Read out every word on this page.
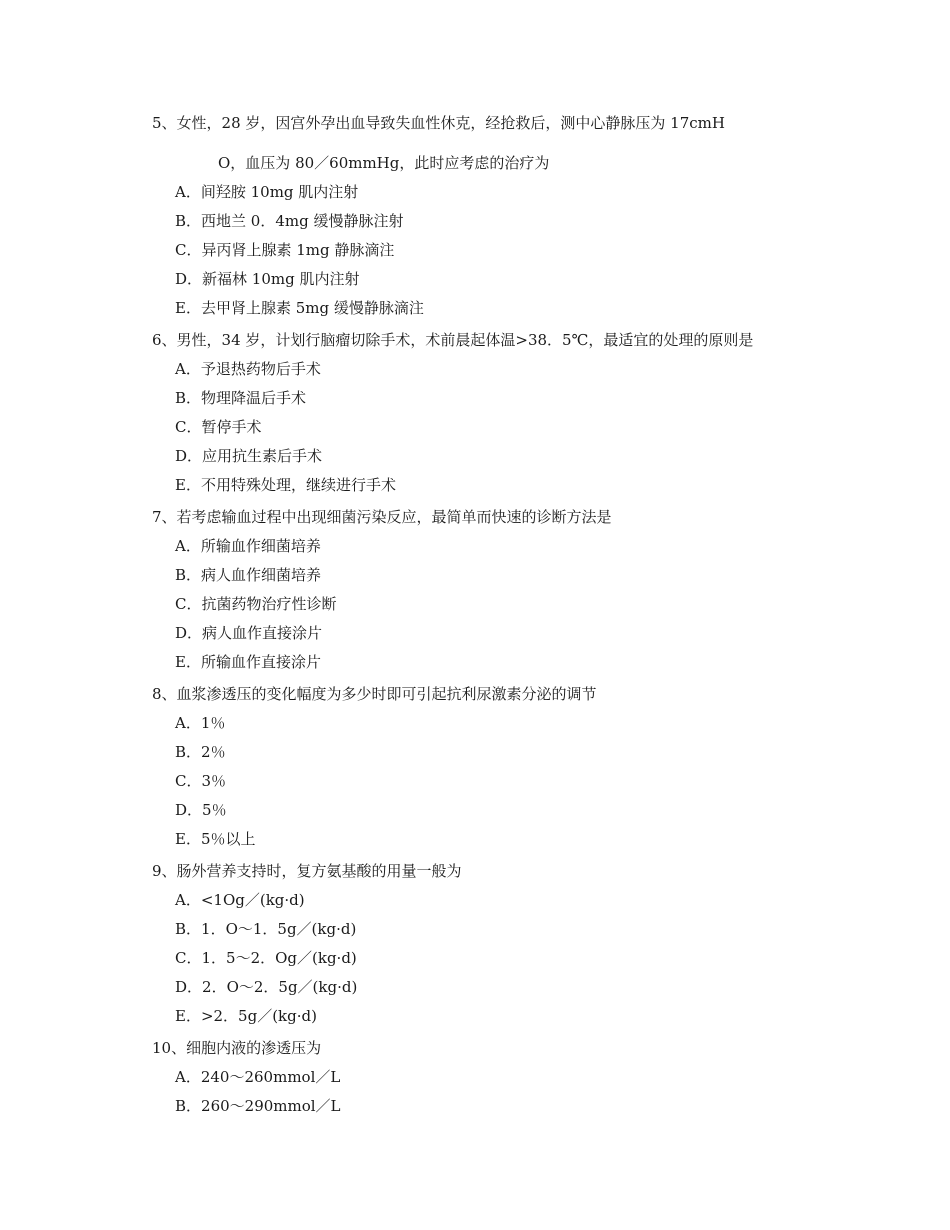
5、女性，28 岁，因宫外孕出血导致失血性休克，经抢救后，测中心静脉压为 17cmH
O，血压为 80／60mmHg，此时应考虑的治疗为
A．间羟胺 10mg 肌内注射
B．西地兰 0．4mg 缓慢静脉注射
C．异丙肾上腺素 1mg 静脉滴注
D．新福林 10mg 肌内注射
E．去甲肾上腺素 5mg 缓慢静脉滴注
6、男性，34 岁，计划行脑瘤切除手术，术前晨起体温>38．5℃，最适宜的处理的原则是
A．予退热药物后手术
B．物理降温后手术
C．暂停手术
D．应用抗生素后手术
E．不用特殊处理，继续进行手术
7、若考虑输血过程中出现细菌污染反应，最简单而快速的诊断方法是
A．所输血作细菌培养
B．病人血作细菌培养
C．抗菌药物治疗性诊断
D．病人血作直接涂片
E．所输血作直接涂片
8、血浆渗透压的变化幅度为多少时即可引起抗利尿激素分泌的调节
A．1％
B．2％
C．3％
D．5％
E．5％以上
9、肠外营养支持时，复方氨基酸的用量一般为
A．<1Og／(kg·d)
B．1．O～1．5g／(kg·d)
C．1．5～2．Og／(kg·d)
D．2．O～2．5g／(kg·d)
E．>2．5g／(kg·d)
10、细胞内液的渗透压为
A．240～260mmol／L
B．260～290mmol／L
